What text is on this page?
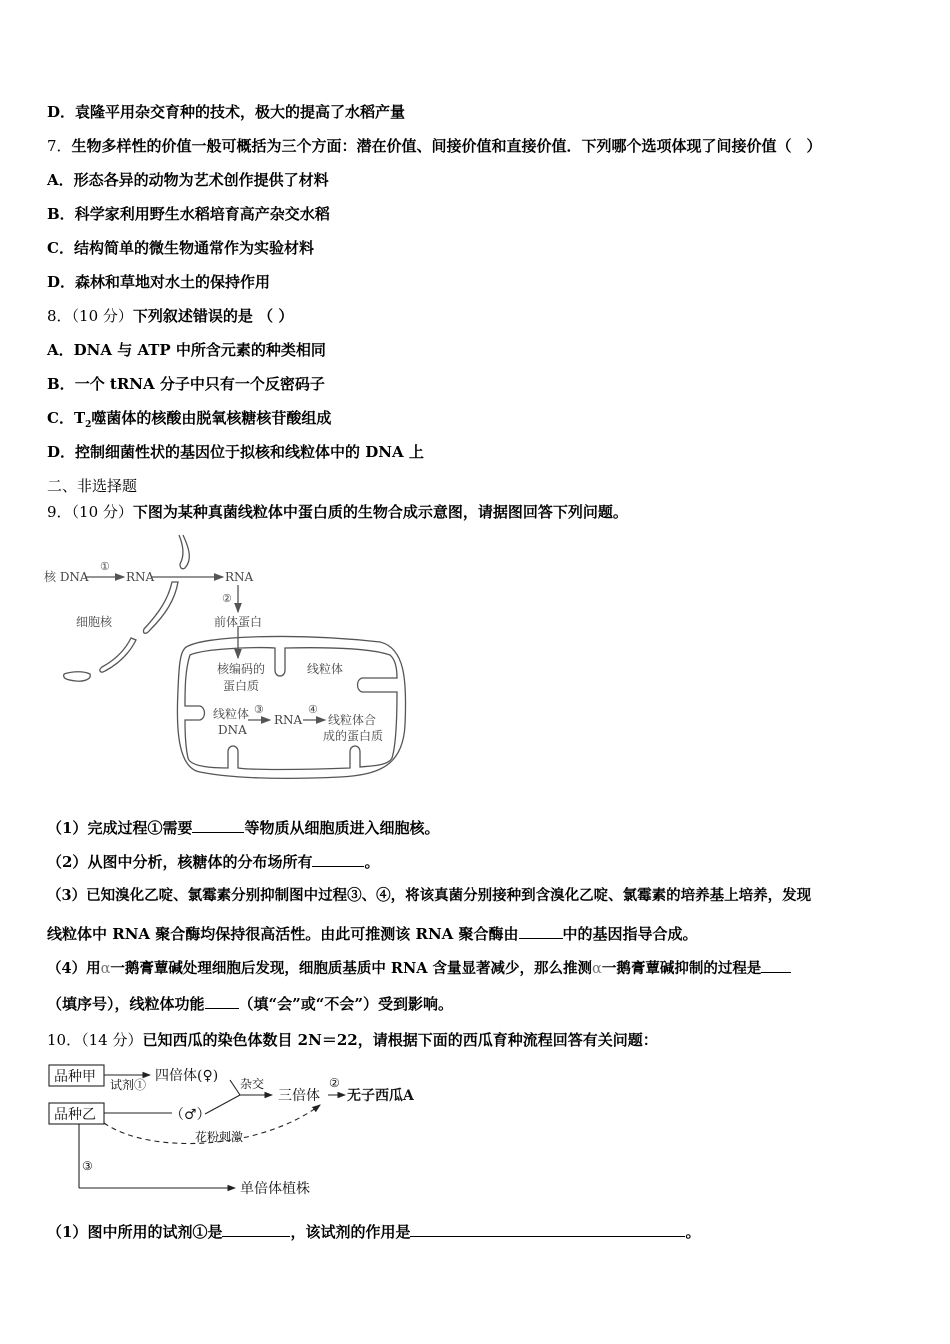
D．袁隆平用杂交育种的技术，极大的提高了水稻产量
7．生物多样性的价值一般可概括为三个方面：潜在价值、间接价值和直接价值．下列哪个选项体现了间接价值（　）
A．形态各异的动物为艺术创作提供了材料
B．科学家利用野生水稻培育高产杂交水稻
C．结构简单的微生物通常作为实验材料
D．森林和草地对水土的保持作用
8．（10 分）下列叙述错误的是 （ ）
A．DNA 与 ATP 中所含元素的种类相同
B．一个 tRNA 分子中只有一个反密码子
C．$T_2$噬菌体的核酸由脱氧核糖核苷酸组成
D．控制细菌性状的基因位于拟核和线粒体中的 DNA 上
二、非选择题
9．（10 分）下图为某种真菌线粒体中蛋白质的生物合成示意图，请据图回答下列问题。
核 DNA	RNA	RNA
①
②
细胞核	前体蛋白
核编码的
蛋白质
线粒体
线粒体
DNA
③
RNA
④
线粒体合
成的蛋白质
（1）完成过程①需要	等物质从细胞质进入细胞核。
（2）从图中分析，核糖体的分布场所有	。
（3）已知溴化乙啶、氯霉素分别抑制图中过程③、④，将该真菌分别接种到含溴化乙啶、氯霉素的培养基上培养，发现
线粒体中 RNA 聚合酶均保持很高活性。由此可推测该 RNA 聚合酶由	中的基因指导合成。
（4）用α一鹅膏蕈碱处理细胞后发现，细胞质基质中 RNA 含量显著减少，那么推测α一鹅膏蕈碱抑制的过程是
（填序号），线粒体功能 （填“会”或“不会”）受到影响。
10．（14 分）已知西瓜的染色体数目 2N＝22，请根据下面的西瓜育种流程回答有关问题：
品种甲
品种乙
试剂①
四倍体(♀)
（♂）
杂交
三倍体
②
无子西瓜A
花粉刺激
③
单倍体植株
（1）图中所用的试剂①是	，该试剂的作用是	。
